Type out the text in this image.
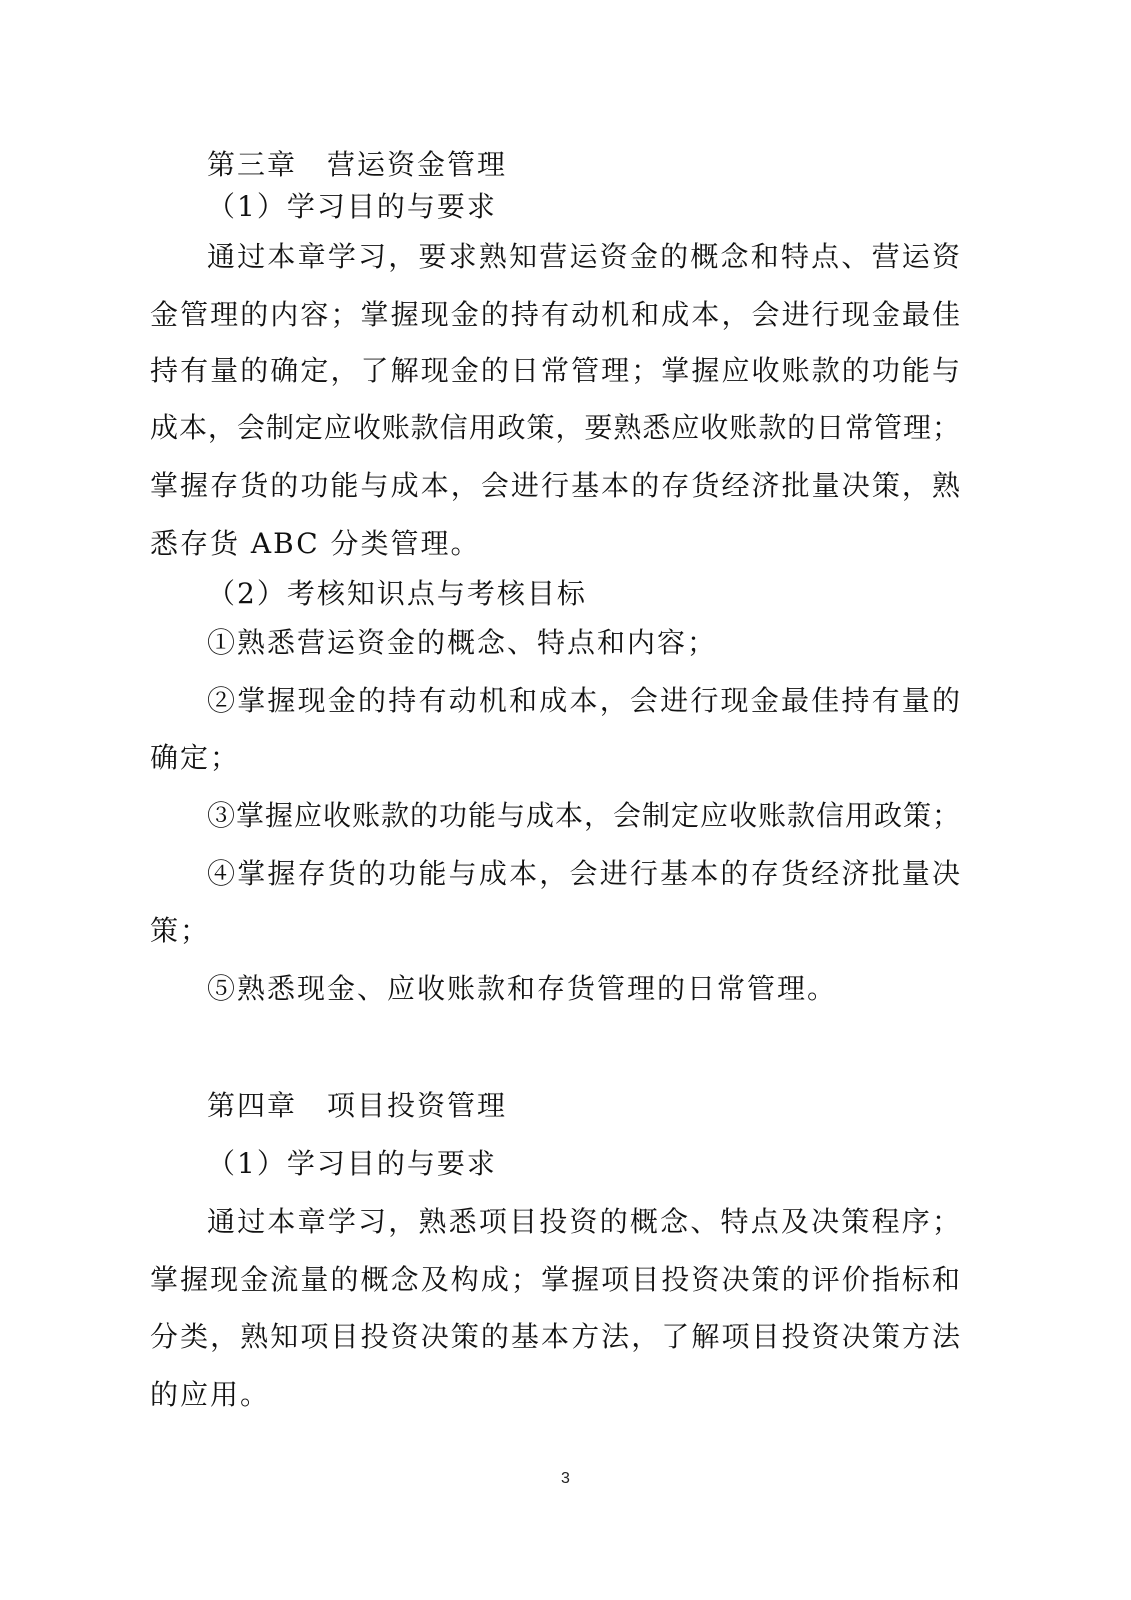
第三章　营运资金管理
（1）学习目的与要求
通过本章学习，要求熟知营运资金的概念和特点、营运资
金管理的内容；掌握现金的持有动机和成本，会进行现金最佳
持有量的确定，了解现金的日常管理；掌握应收账款的功能与
成本，会制定应收账款信用政策，要熟悉应收账款的日常管理；
掌握存货的功能与成本，会进行基本的存货经济批量决策，熟
悉存货 ABC 分类管理。
（2）考核知识点与考核目标
①熟悉营运资金的概念、特点和内容；
②掌握现金的持有动机和成本，会进行现金最佳持有量的
确定；
③掌握应收账款的功能与成本，会制定应收账款信用政策；
④掌握存货的功能与成本，会进行基本的存货经济批量决
策；
⑤熟悉现金、应收账款和存货管理的日常管理。
第四章　项目投资管理
（1）学习目的与要求
通过本章学习，熟悉项目投资的概念、特点及决策程序；
掌握现金流量的概念及构成；掌握项目投资决策的评价指标和
分类，熟知项目投资决策的基本方法，了解项目投资决策方法
的应用。
3
